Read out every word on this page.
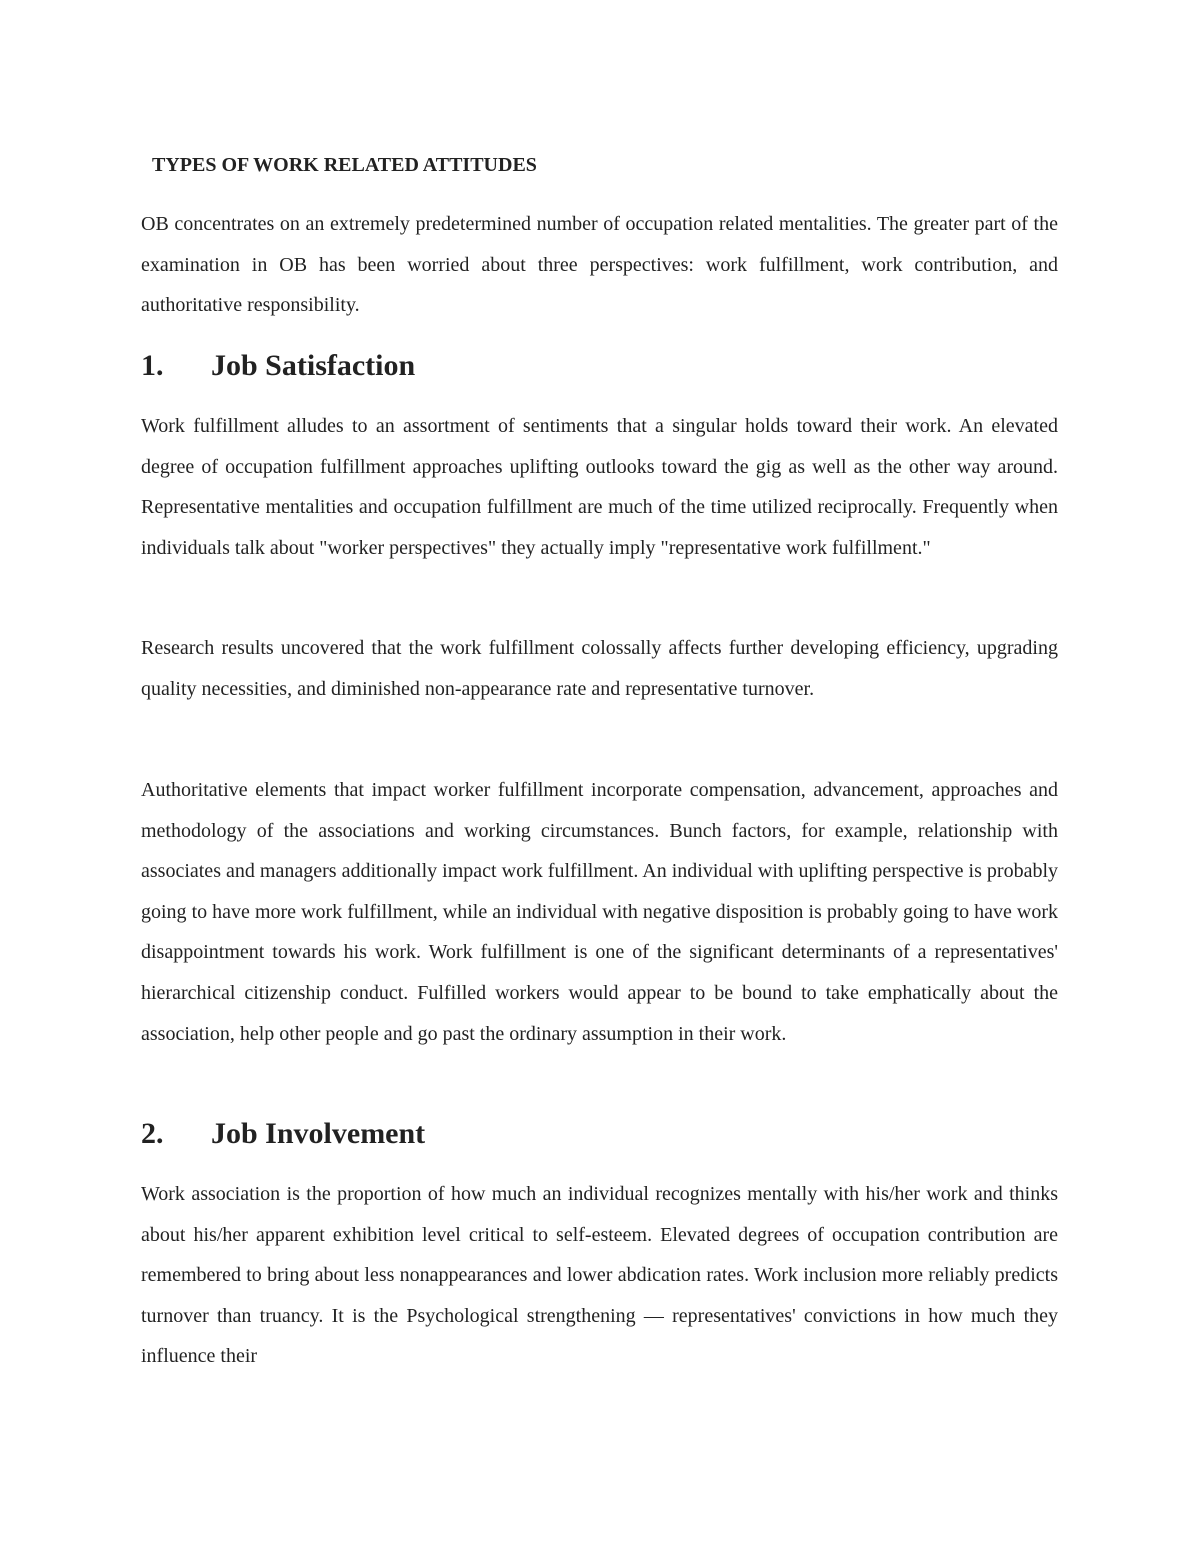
TYPES OF WORK RELATED ATTITUDES

OB concentrates on an extremely predetermined number of occupation related mentalities. The greater part of the examination in OB has been worried about three perspectives: work fulfillment, work contribution, and authoritative responsibility.

1. Job Satisfaction

Work fulfillment alludes to an assortment of sentiments that a singular holds toward their work. An elevated degree of occupation fulfillment approaches uplifting outlooks toward the gig as well as the other way around. Representative mentalities and occupation fulfillment are much of the time utilized reciprocally. Frequently when individuals talk about "worker perspectives" they actually imply "representative work fulfillment."

Research results uncovered that the work fulfillment colossally affects further developing efficiency, upgrading quality necessities, and diminished non-appearance rate and representative turnover.

Authoritative elements that impact worker fulfillment incorporate compensation, advancement, approaches and methodology of the associations and working circumstances. Bunch factors, for example, relationship with associates and managers additionally impact work fulfillment. An individual with uplifting perspective is probably going to have more work fulfillment, while an individual with negative disposition is probably going to have work disappointment towards his work. Work fulfillment is one of the significant determinants of a representatives' hierarchical citizenship conduct. Fulfilled workers would appear to be bound to take emphatically about the association, help other people and go past the ordinary assumption in their work.

2. Job Involvement

Work association is the proportion of how much an individual recognizes mentally with his/her work and thinks about his/her apparent exhibition level critical to self-esteem. Elevated degrees of occupation contribution are remembered to bring about less nonappearances and lower abdication rates. Work inclusion more reliably predicts turnover than truancy. It is the Psychological strengthening — representatives' convictions in how much they influence their
